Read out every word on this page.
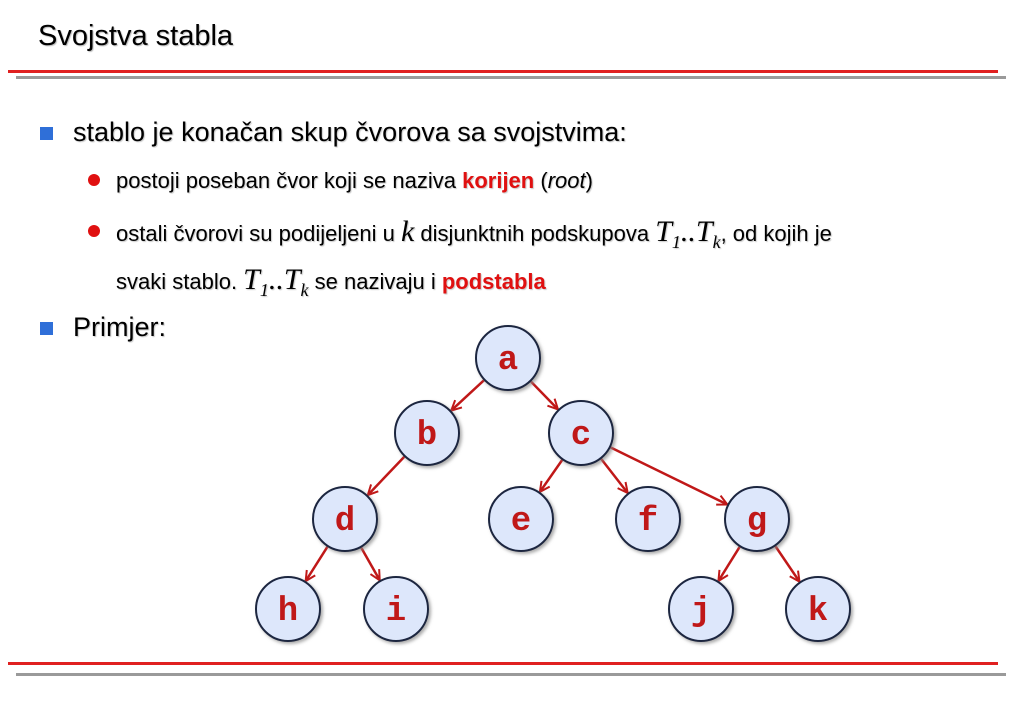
Svojstva stabla
stablo je konačan skup čvorova sa svojstvima:
postoji poseban čvor koji se naziva korijen (root)
ostali čvorovi su podijeljeni u k disjunktnih podskupova $T_1..T_k$, od kojih je
svaki stablo. $T_1..T_k$ se nazivaju i podstabla
Primjer:
a
b	c
d	e	f	g
h	i	j	k
